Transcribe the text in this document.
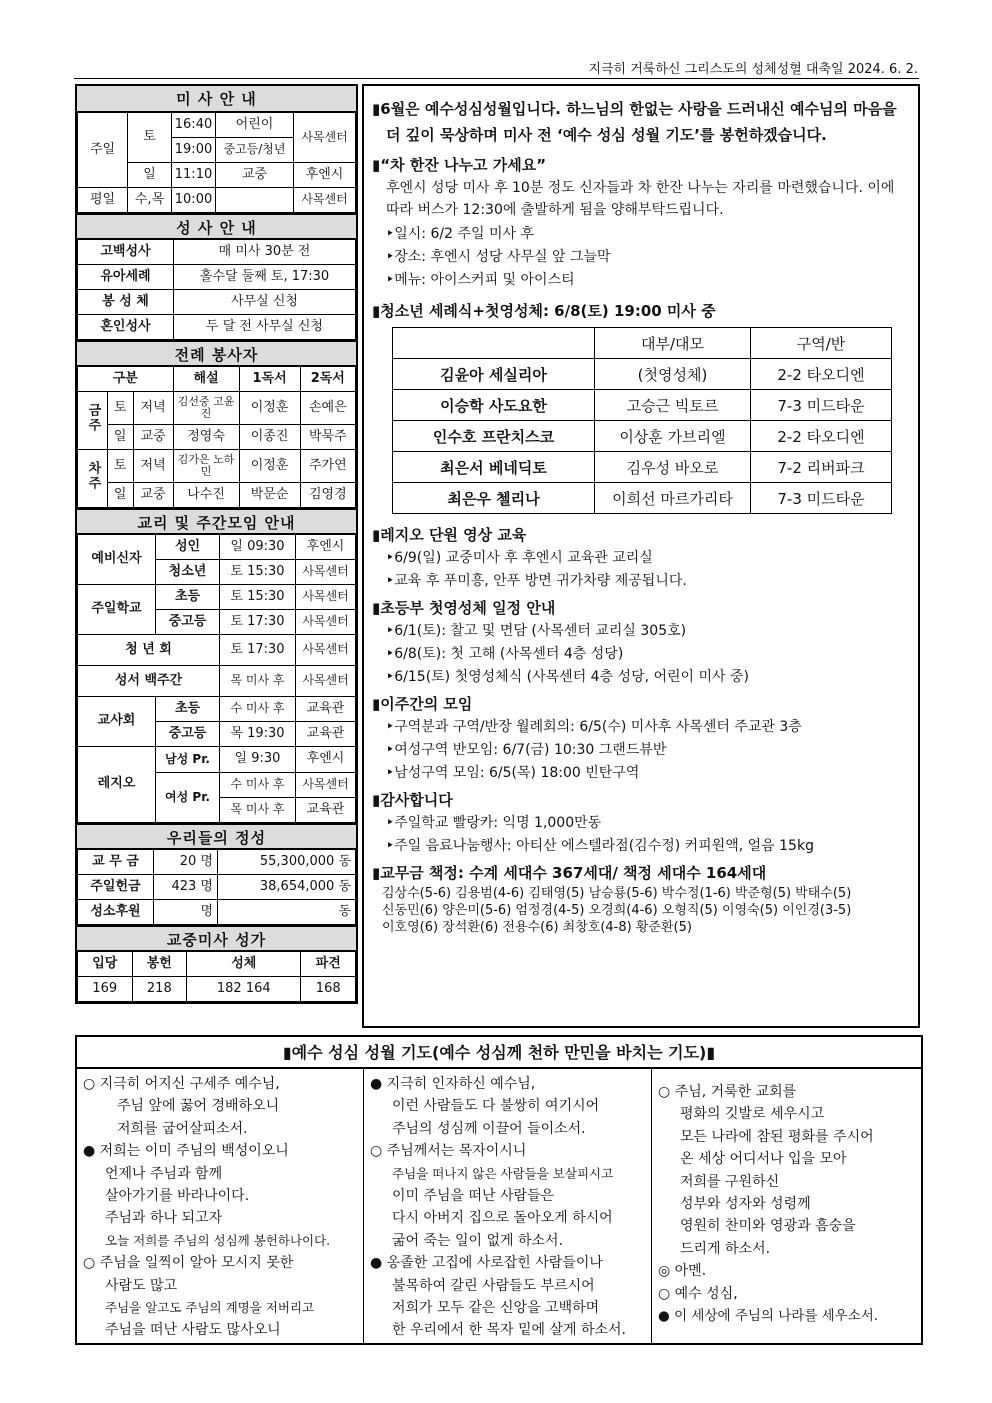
지극히 거룩하신 그리스도의 성체성혈 대축일 2024. 6. 2.
미 사 안 내
주일	토	16:40	어린이	사목센터
		19:00	중고등/청년	
	일	11:10	교중	후엔시
평일	수,목	10:00		사목센터
성 사 안 내
고백성사	매 미사 30분 전
유아세례	홀수달 둘째 토, 17:30
봉 성 체	사무실 신청
혼인성사	두 달 전 사무실 신청
전례 봉사자
구분			해설	1독서	2독서
금주	토	저녁	김선중 고윤진	이정훈	손예은
	일	교중	정영숙	이종진	박묵주
차주	토	저녁	김가은 노하민	이정훈	주가연
	일	교중	나수진	박문순	김영경
교리 및 주간모임 안내
예비신자	성인	일 09:30	후엔시
	청소년	토 15:30	사목센터
주일학교	초등	토 15:30	사목센터
	중고등	토 17:30	사목센터
청 년 회		토 17:30	사목센터
성서 백주간		목 미사 후	사목센터
교사회	초등	수 미사 후	교육관
	중고등	목 19:30	교육관
레지오	남성 Pr.	일 9:30	후엔시
	여성 Pr.	수 미사 후	사목센터
		목 미사 후	교육관
우리들의 정성
교 무 금	20 명	55,300,000 동
주일헌금	423 명	38,654,000 동
성소후원	명	동
교중미사 성가
입당	봉헌	성체	파견
169	218	182 164	168
▮6월은 예수성심성월입니다. 하느님의 한없는 사랑을 드러내신 예수님의 마음을 더 깊이 묵상하며 미사 전 ‘예수 성심 성월 기도’를 봉헌하겠습니다.
▮“차 한잔 나누고 가세요”
후엔시 성당 미사 후 10분 정도 신자들과 차 한잔 나누는 자리를 마련했습니다. 이에 따라 버스가 12:30에 출발하게 됨을 양해부탁드립니다.
‣일시: 6/2 주일 미사 후
‣장소: 후엔시 성당 사무실 앞 그늘막
‣메뉴: 아이스커피 및 아이스티
▮청소년 세례식+첫영성체: 6/8(토) 19:00 미사 중
	대부/대모	구역/반
김윤아 세실리아	(첫영성체)	2-2 타오디엔
이승학 사도요한	고승근 빅토르	7-3 미드타운
인수호 프란치스코	이상훈 가브리엘	2-2 타오디엔
최은서 베네딕토	김우성 바오로	7-2 리버파크
최은우 첼리나	이희선 마르가리타	7-3 미드타운
▮레지오 단원 영상 교육
‣6/9(일) 교중미사 후 후엔시 교육관 교리실
‣교육 후 푸미흥, 안푸 방면 귀가차량 제공됩니다.
▮초등부 첫영성체 일정 안내
‣6/1(토): 찰고 및 면담 (사목센터 교리실 305호)
‣6/8(토): 첫 고해 (사목센터 4층 성당)
‣6/15(토) 첫영성체식 (사목센터 4층 성당, 어린이 미사 중)
▮이주간의 모임
‣구역분과 구역/반장 월례회의: 6/5(수) 미사후 사목센터 주교관 3층
‣여성구역 반모임: 6/7(금) 10:30 그랜드뷰반
‣남성구역 모임: 6/5(목) 18:00 빈탄구역
▮감사합니다
‣주일학교 빨랑카: 익명 1,000만동
‣주일 음료나눔행사: 아티산 에스텔라점(김수정) 커피원액, 얼음 15kg
▮교무금 책정: 수계 세대수 367세대/ 책정 세대수 164세대
김상수(5-6) 김용범(4-6) 김태영(5) 남승룡(5-6) 박수정(1-6) 박준형(5) 박태수(5)
신동민(6) 양은미(5-6) 엄정경(4-5) 오경희(4-6) 오형직(5) 이영숙(5) 이인경(3-5)
이호영(6) 장석환(6) 전용수(6) 최창호(4-8) 황준환(5)
▮예수 성심 성월 기도(예수 성심께 천하 만민을 바치는 기도)▮
○ 지극히 어지신 구세주 예수님,
주님 앞에 꿇어 경배하오니
저희를 굽어살피소서.
● 저희는 이미 주님의 백성이오니
언제나 주님과 함께
살아가기를 바라나이다.
주님과 하나 되고자
오늘 저희를 주님의 성심께 봉헌하나이다.
○ 주님을 일찍이 알아 모시지 못한
사람도 많고
주님을 알고도 주님의 계명을 저버리고
주님을 떠난 사람도 많사오니
● 지극히 인자하신 예수님,
이런 사람들도 다 불쌍히 여기시어
주님의 성심께 이끌어 들이소서.
○ 주님께서는 목자이시니
주님을 떠나지 않은 사람들을 보살피시고
이미 주님을 떠난 사람들은
다시 아버지 집으로 돌아오게 하시어
굶어 죽는 일이 없게 하소서.
● 옹졸한 고집에 사로잡힌 사람들이나
불목하여 갈린 사람들도 부르시어
저희가 모두 같은 신앙을 고백하며
한 우리에서 한 목자 밑에 살게 하소서.
○ 주님, 거룩한 교회를
평화의 깃발로 세우시고
모든 나라에 참된 평화를 주시어
온 세상 어디서나 입을 모아
저희를 구원하신
성부와 성자와 성령께
영원히 찬미와 영광과 흠숭을
드리게 하소서.
◎ 아멘.
○ 예수 성심,
● 이 세상에 주님의 나라를 세우소서.
